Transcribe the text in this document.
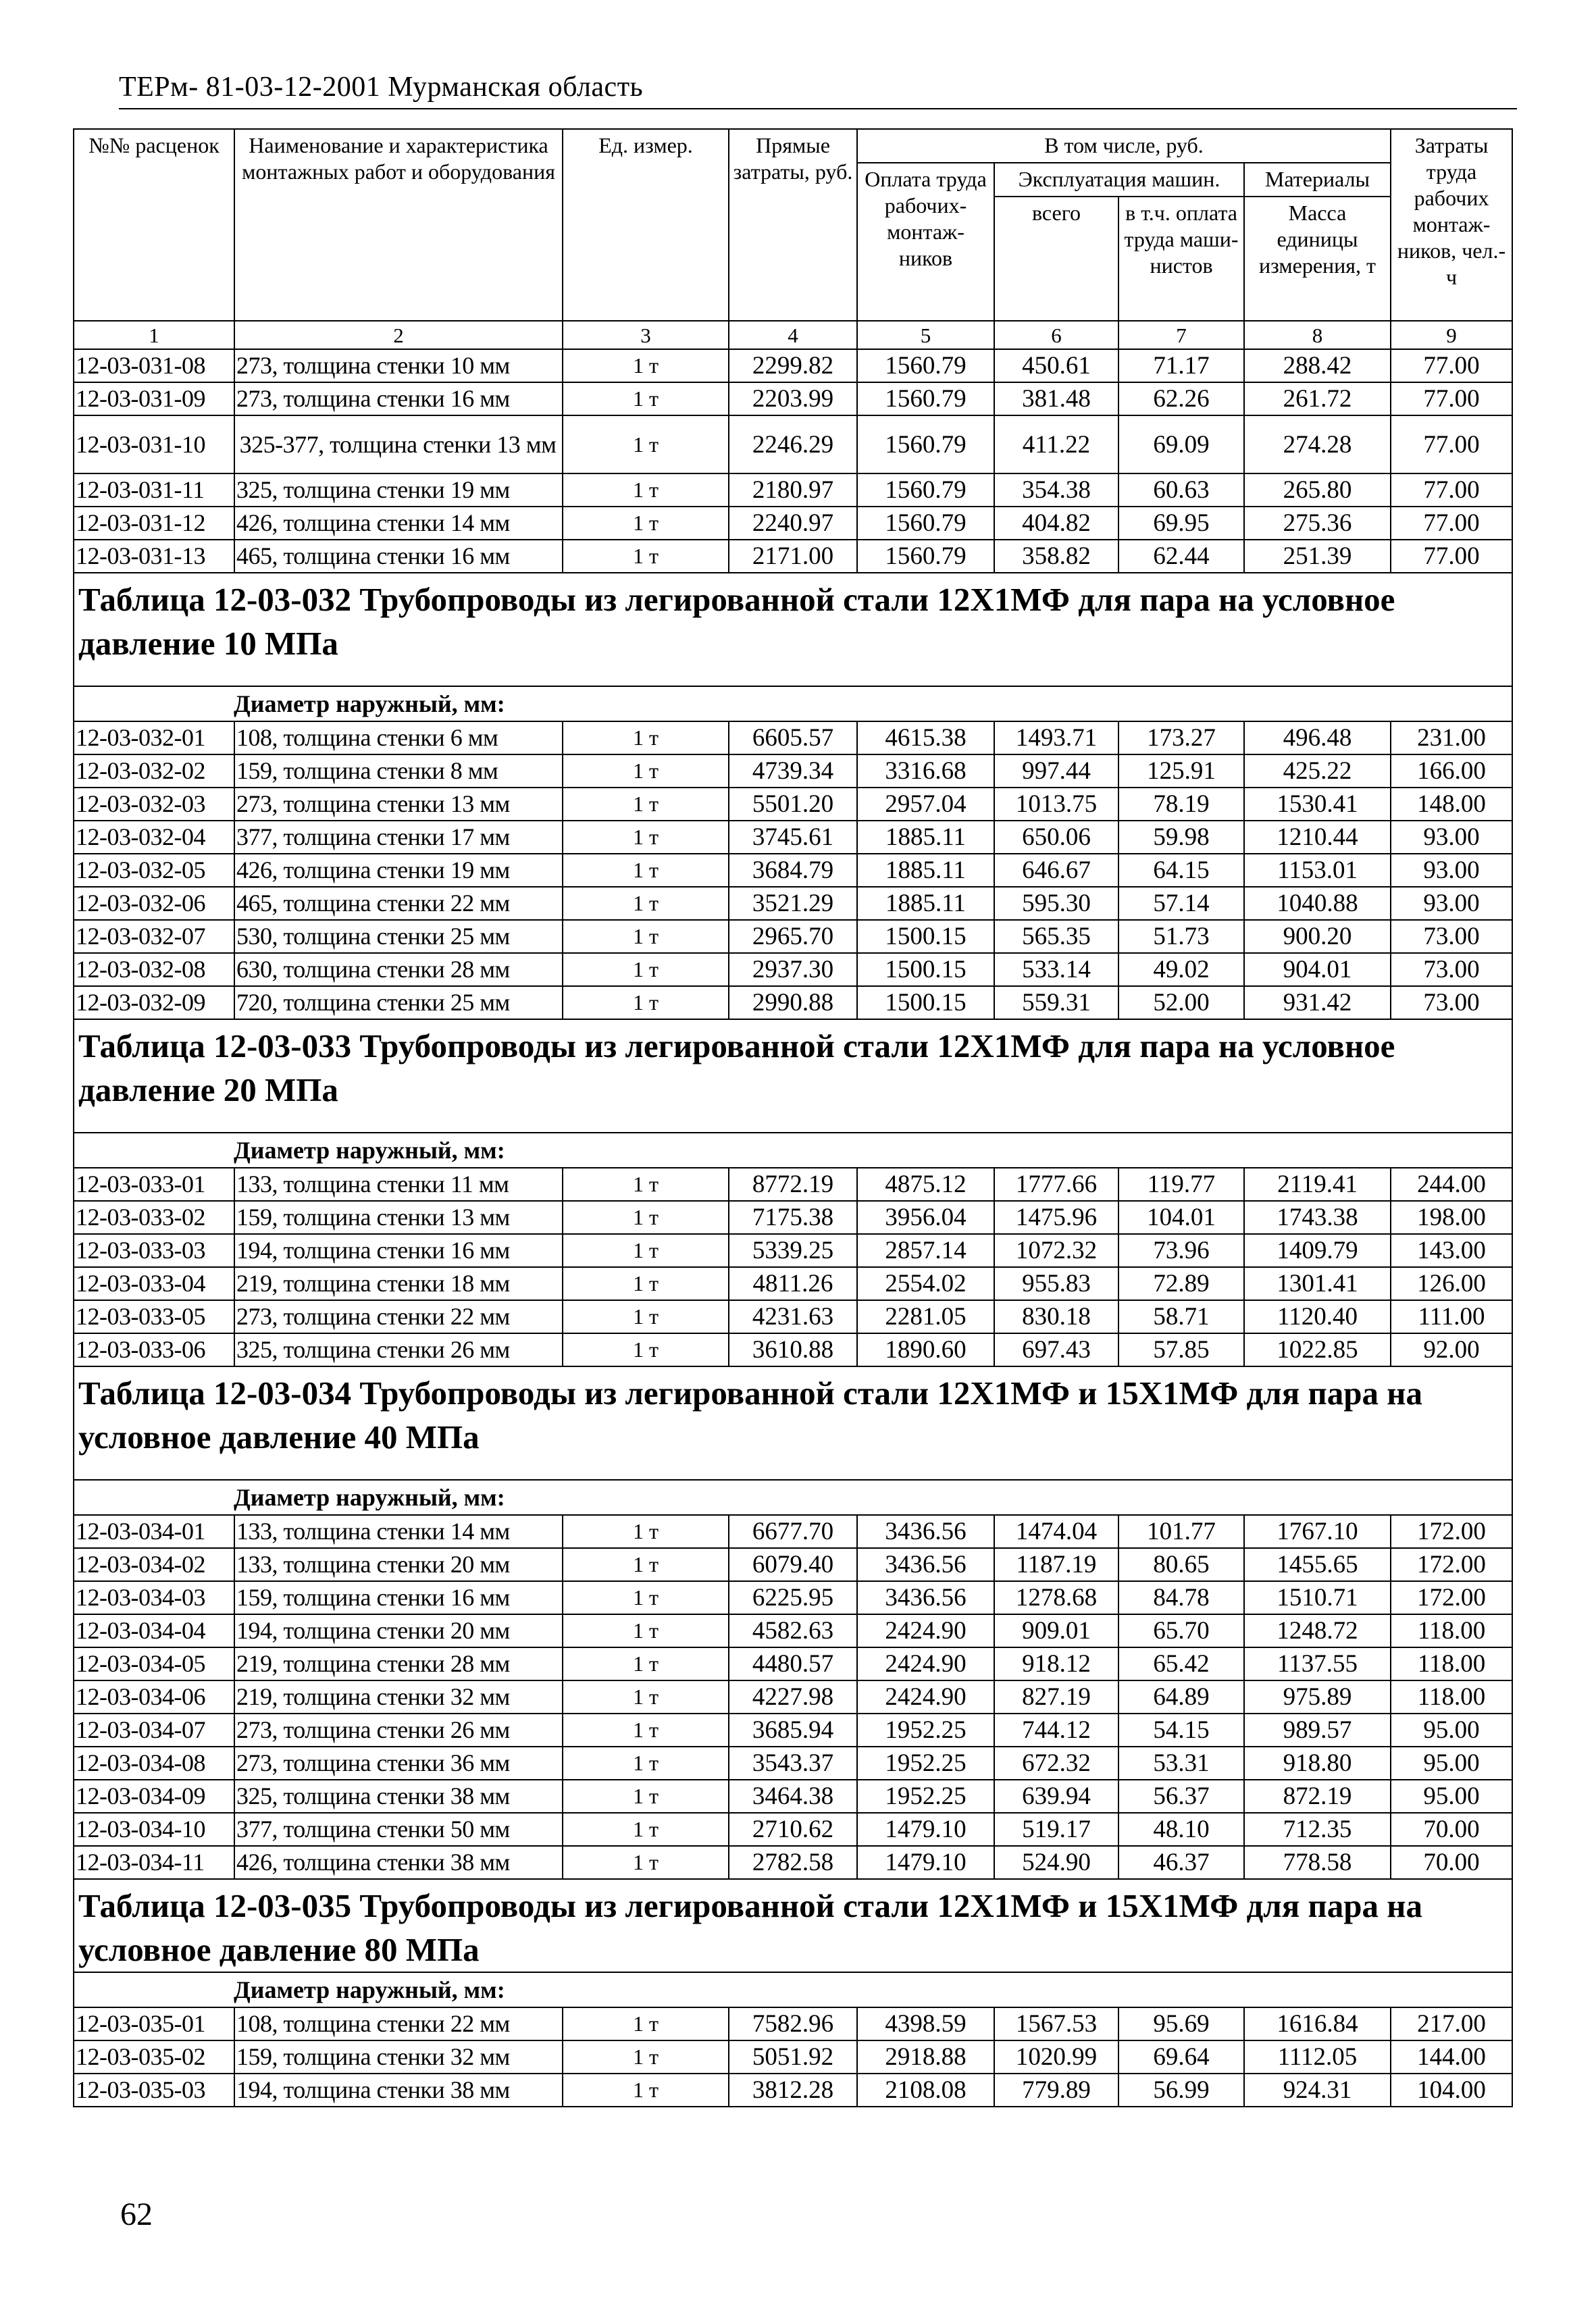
ТЕРм- 81-03-12-2001 Мурманская область
№№ расценок	Наименование и характеристика монтажных работ и оборудования	Ед. измер.	Прямые затраты, руб.	В том числе, руб.				Затраты труда рабочих монтаж-ников, чел.-ч
				Оплата труда рабочих-монтаж-ников	Эксплуатация машин.		Материалы	
					всего	в т.ч. оплата труда маши-нистов	Масса единицы измерения, т	
1	2	3	4	5	6	7	8	9
12-03-031-08	273, толщина стенки 10 мм	1 т	2299.82	1560.79	450.61	71.17	288.42	77.00
12-03-031-09	273, толщина стенки 16 мм	1 т	2203.99	1560.79	381.48	62.26	261.72	77.00
12-03-031-10	325-377, толщина стенки 13 мм	1 т	2246.29	1560.79	411.22	69.09	274.28	77.00
12-03-031-11	325, толщина стенки 19 мм	1 т	2180.97	1560.79	354.38	60.63	265.80	77.00
12-03-031-12	426, толщина стенки 14 мм	1 т	2240.97	1560.79	404.82	69.95	275.36	77.00
12-03-031-13	465, толщина стенки 16 мм	1 т	2171.00	1560.79	358.82	62.44	251.39	77.00
Таблица 12-03-032 Трубопроводы из легированной стали 12Х1МФ для пара на условное давление 10 МПа								
Диаметр наружный, мм:								
12-03-032-01	108, толщина стенки 6 мм	1 т	6605.57	4615.38	1493.71	173.27	496.48	231.00
12-03-032-02	159, толщина стенки 8 мм	1 т	4739.34	3316.68	997.44	125.91	425.22	166.00
12-03-032-03	273, толщина стенки 13 мм	1 т	5501.20	2957.04	1013.75	78.19	1530.41	148.00
12-03-032-04	377, толщина стенки 17 мм	1 т	3745.61	1885.11	650.06	59.98	1210.44	93.00
12-03-032-05	426, толщина стенки 19 мм	1 т	3684.79	1885.11	646.67	64.15	1153.01	93.00
12-03-032-06	465, толщина стенки 22 мм	1 т	3521.29	1885.11	595.30	57.14	1040.88	93.00
12-03-032-07	530, толщина стенки 25 мм	1 т	2965.70	1500.15	565.35	51.73	900.20	73.00
12-03-032-08	630, толщина стенки 28 мм	1 т	2937.30	1500.15	533.14	49.02	904.01	73.00
12-03-032-09	720, толщина стенки 25 мм	1 т	2990.88	1500.15	559.31	52.00	931.42	73.00
Таблица 12-03-033 Трубопроводы из легированной стали 12Х1МФ для пара на условное давление 20 МПа								
Диаметр наружный, мм:								
12-03-033-01	133, толщина стенки 11 мм	1 т	8772.19	4875.12	1777.66	119.77	2119.41	244.00
12-03-033-02	159, толщина стенки 13 мм	1 т	7175.38	3956.04	1475.96	104.01	1743.38	198.00
12-03-033-03	194, толщина стенки 16 мм	1 т	5339.25	2857.14	1072.32	73.96	1409.79	143.00
12-03-033-04	219, толщина стенки 18 мм	1 т	4811.26	2554.02	955.83	72.89	1301.41	126.00
12-03-033-05	273, толщина стенки 22 мм	1 т	4231.63	2281.05	830.18	58.71	1120.40	111.00
12-03-033-06	325, толщина стенки 26 мм	1 т	3610.88	1890.60	697.43	57.85	1022.85	92.00
Таблица 12-03-034 Трубопроводы из легированной стали 12Х1МФ и 15Х1МФ для пара на условное давление 40 МПа								
Диаметр наружный, мм:								
12-03-034-01	133, толщина стенки 14 мм	1 т	6677.70	3436.56	1474.04	101.77	1767.10	172.00
12-03-034-02	133, толщина стенки 20 мм	1 т	6079.40	3436.56	1187.19	80.65	1455.65	172.00
12-03-034-03	159, толщина стенки 16 мм	1 т	6225.95	3436.56	1278.68	84.78	1510.71	172.00
12-03-034-04	194, толщина стенки 20 мм	1 т	4582.63	2424.90	909.01	65.70	1248.72	118.00
12-03-034-05	219, толщина стенки 28 мм	1 т	4480.57	2424.90	918.12	65.42	1137.55	118.00
12-03-034-06	219, толщина стенки 32 мм	1 т	4227.98	2424.90	827.19	64.89	975.89	118.00
12-03-034-07	273, толщина стенки 26 мм	1 т	3685.94	1952.25	744.12	54.15	989.57	95.00
12-03-034-08	273, толщина стенки 36 мм	1 т	3543.37	1952.25	672.32	53.31	918.80	95.00
12-03-034-09	325, толщина стенки 38 мм	1 т	3464.38	1952.25	639.94	56.37	872.19	95.00
12-03-034-10	377, толщина стенки 50 мм	1 т	2710.62	1479.10	519.17	48.10	712.35	70.00
12-03-034-11	426, толщина стенки 38 мм	1 т	2782.58	1479.10	524.90	46.37	778.58	70.00
Таблица 12-03-035 Трубопроводы из легированной стали 12Х1МФ и 15Х1МФ для пара на условное давление 80 МПа								
Диаметр наружный, мм:								
12-03-035-01	108, толщина стенки 22 мм	1 т	7582.96	4398.59	1567.53	95.69	1616.84	217.00
12-03-035-02	159, толщина стенки 32 мм	1 т	5051.92	2918.88	1020.99	69.64	1112.05	144.00
12-03-035-03	194, толщина стенки 38 мм	1 т	3812.28	2108.08	779.89	56.99	924.31	104.00
62
